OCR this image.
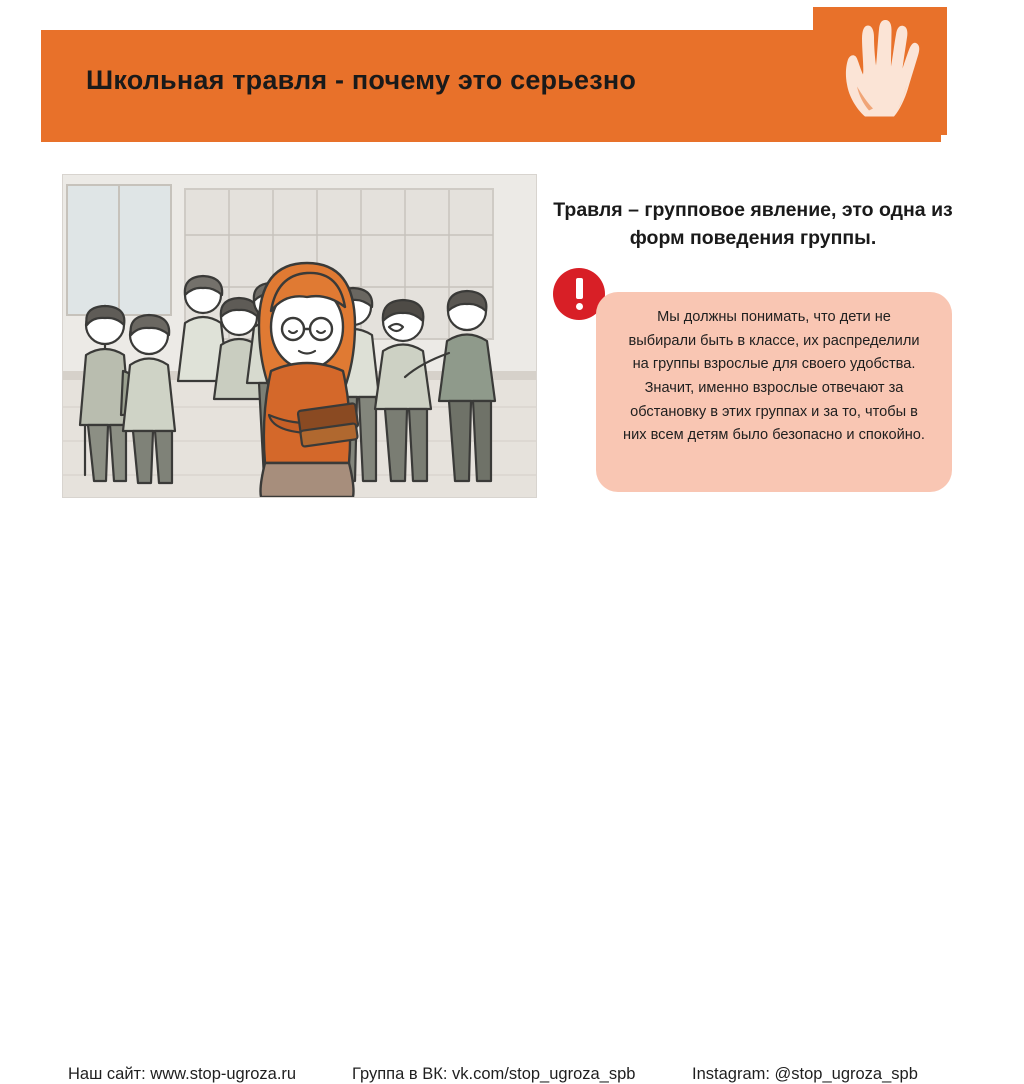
Школьная травля - почему это серьезно
Травля – групповое явление, это одна из форм поведения группы.
Мы должны понимать, что дети не выбирали быть в классе, их распределили на группы взрослые для своего удобства. Значит, именно взрослые отвечают за обстановку в этих группах и за то, чтобы в них всем детям было безопасно и спокойно.
Наш сайт: www.stop-ugroza.ru	Группа в ВК: vk.com/stop_ugroza_spb	Instagram: @stop_ugroza_spb
